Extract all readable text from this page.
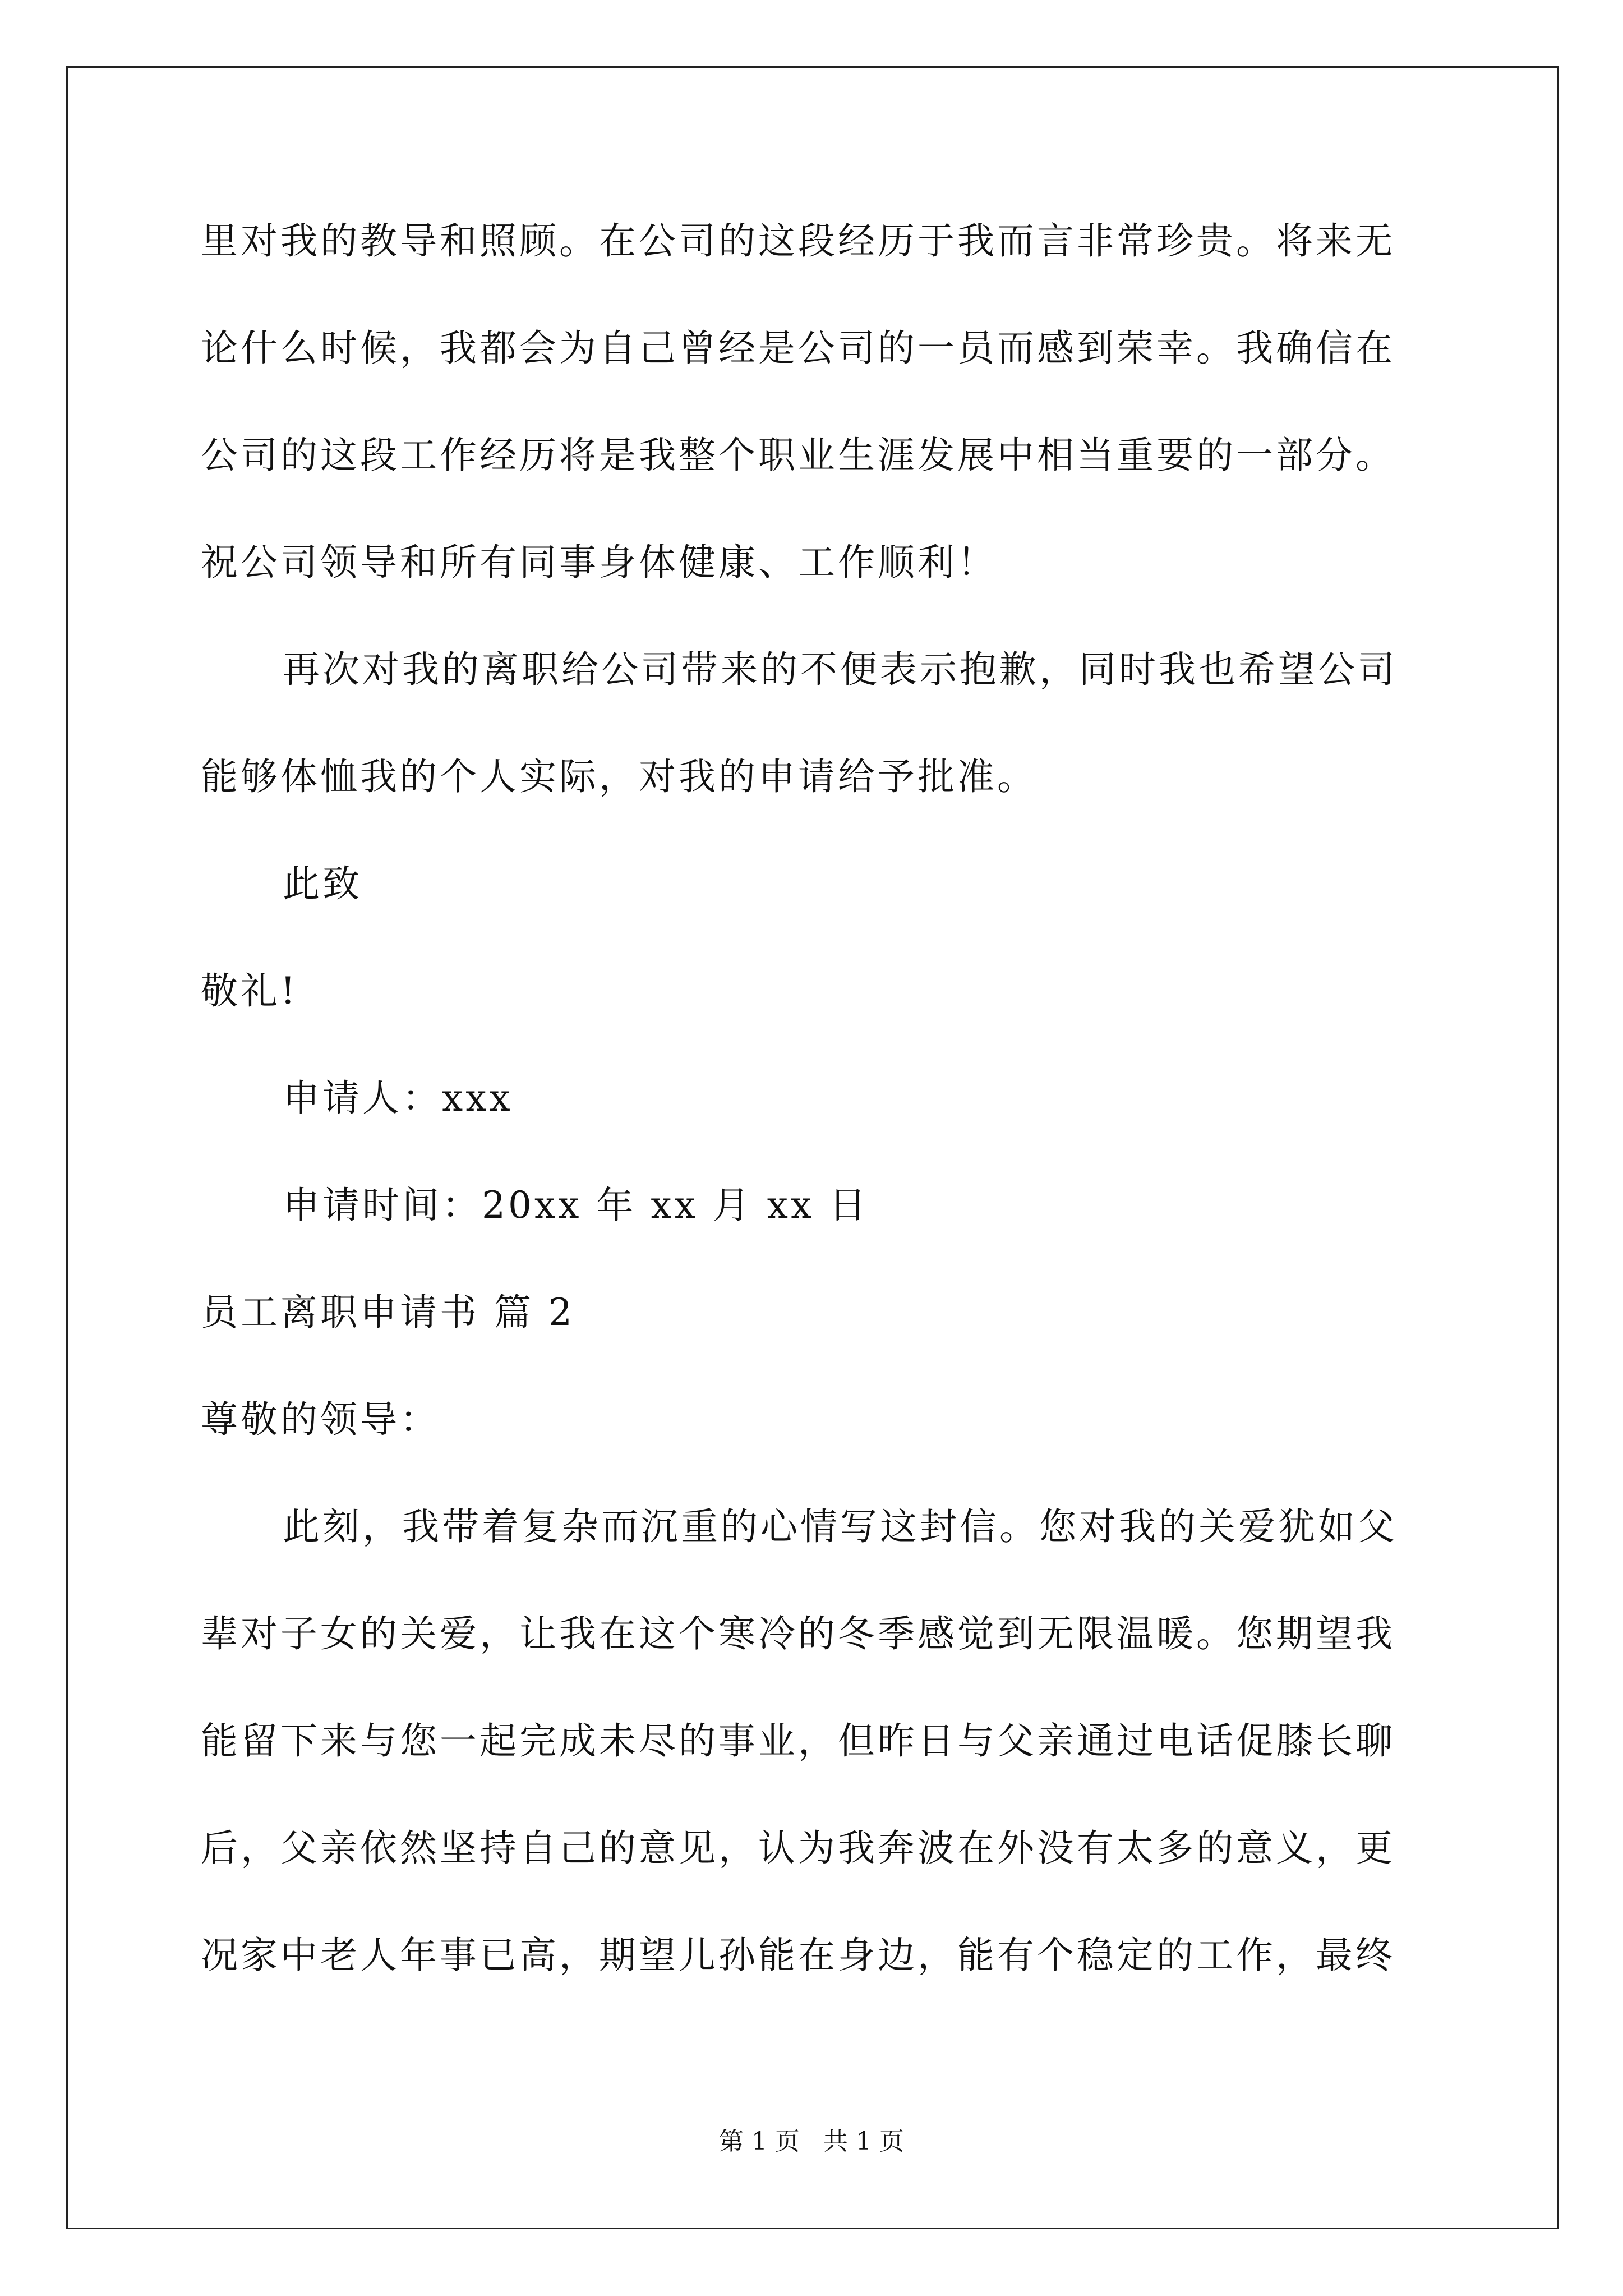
里对我的教导和照顾。在公司的这段经历于我而言非常珍贵。将来无
论什么时候，我都会为自己曾经是公司的一员而感到荣幸。我确信在
公司的这段工作经历将是我整个职业生涯发展中相当重要的一部分。
祝公司领导和所有同事身体健康、工作顺利！
再次对我的离职给公司带来的不便表示抱歉，同时我也希望公司
能够体恤我的个人实际，对我的申请给予批准。
此致
敬礼!
申请人：xxx
申请时间：20xx 年 xx 月 xx 日
员工离职申请书 篇 2
尊敬的领导：
此刻，我带着复杂而沉重的心情写这封信。您对我的关爱犹如父
辈对子女的关爱，让我在这个寒冷的冬季感觉到无限温暖。您期望我
能留下来与您一起完成未尽的事业，但昨日与父亲通过电话促膝长聊
后，父亲依然坚持自己的意见，认为我奔波在外没有太多的意义，更
况家中老人年事已高，期望儿孙能在身边，能有个稳定的工作，最终
第 1 页   共 1 页
